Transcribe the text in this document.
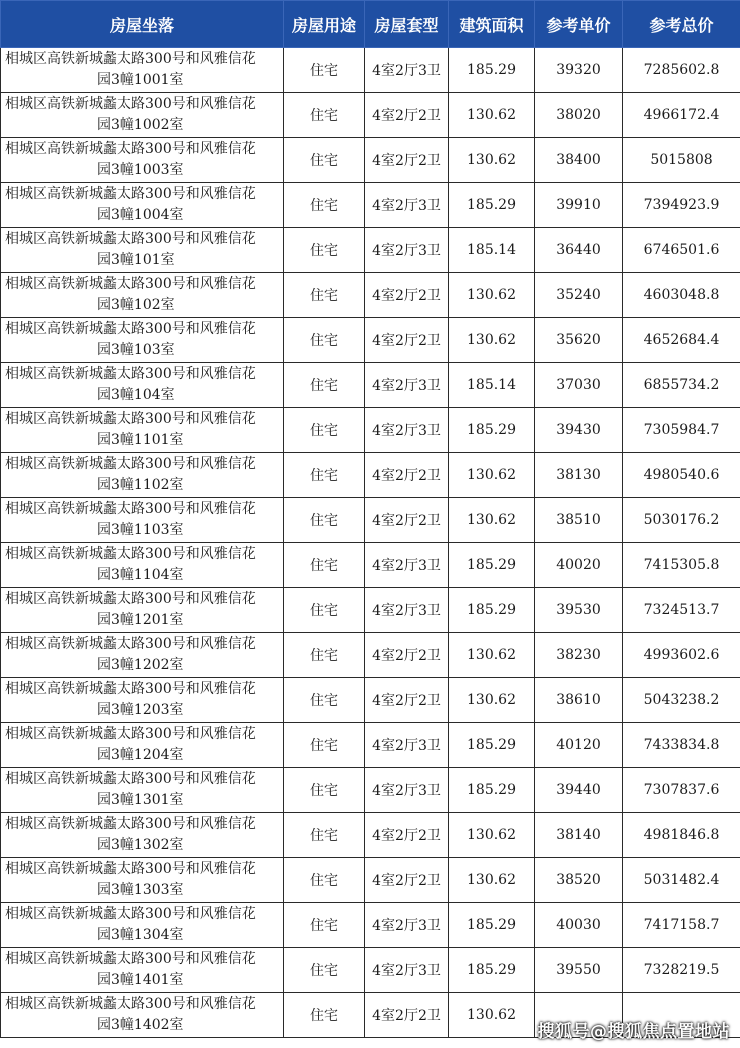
房屋坐落	房屋用途	房屋套型	建筑面积	参考单价	参考总价

相城区高铁新城蠡太路300号和风雅信花
园3幢1001室	住宅	4室2厅3卫	185.29	39320	7285602.8

相城区高铁新城蠡太路300号和风雅信花
园3幢1002室	住宅	4室2厅2卫	130.62	38020	4966172.4

相城区高铁新城蠡太路300号和风雅信花
园3幢1003室	住宅	4室2厅2卫	130.62	38400	5015808

相城区高铁新城蠡太路300号和风雅信花
园3幢1004室	住宅	4室2厅3卫	185.29	39910	7394923.9

相城区高铁新城蠡太路300号和风雅信花
园3幢101室	住宅	4室2厅3卫	185.14	36440	6746501.6

相城区高铁新城蠡太路300号和风雅信花
园3幢102室	住宅	4室2厅2卫	130.62	35240	4603048.8

相城区高铁新城蠡太路300号和风雅信花
园3幢103室	住宅	4室2厅2卫	130.62	35620	4652684.4

相城区高铁新城蠡太路300号和风雅信花
园3幢104室	住宅	4室2厅3卫	185.14	37030	6855734.2

相城区高铁新城蠡太路300号和风雅信花
园3幢1101室	住宅	4室2厅3卫	185.29	39430	7305984.7

相城区高铁新城蠡太路300号和风雅信花
园3幢1102室	住宅	4室2厅2卫	130.62	38130	4980540.6

相城区高铁新城蠡太路300号和风雅信花
园3幢1103室	住宅	4室2厅2卫	130.62	38510	5030176.2

相城区高铁新城蠡太路300号和风雅信花
园3幢1104室	住宅	4室2厅3卫	185.29	40020	7415305.8

相城区高铁新城蠡太路300号和风雅信花
园3幢1201室	住宅	4室2厅3卫	185.29	39530	7324513.7

相城区高铁新城蠡太路300号和风雅信花
园3幢1202室	住宅	4室2厅2卫	130.62	38230	4993602.6

相城区高铁新城蠡太路300号和风雅信花
园3幢1203室	住宅	4室2厅2卫	130.62	38610	5043238.2

相城区高铁新城蠡太路300号和风雅信花
园3幢1204室	住宅	4室2厅3卫	185.29	40120	7433834.8

相城区高铁新城蠡太路300号和风雅信花
园3幢1301室	住宅	4室2厅3卫	185.29	39440	7307837.6

相城区高铁新城蠡太路300号和风雅信花
园3幢1302室	住宅	4室2厅2卫	130.62	38140	4981846.8

相城区高铁新城蠡太路300号和风雅信花
园3幢1303室	住宅	4室2厅2卫	130.62	38520	5031482.4

相城区高铁新城蠡太路300号和风雅信花
园3幢1304室	住宅	4室2厅3卫	185.29	40030	7417158.7

相城区高铁新城蠡太路300号和风雅信花
园3幢1401室	住宅	4室2厅3卫	185.29	39550	7328219.5

相城区高铁新城蠡太路300号和风雅信花
园3幢1402室	住宅	4室2厅2卫	130.62		
搜狐号@搜狐焦点置地站
